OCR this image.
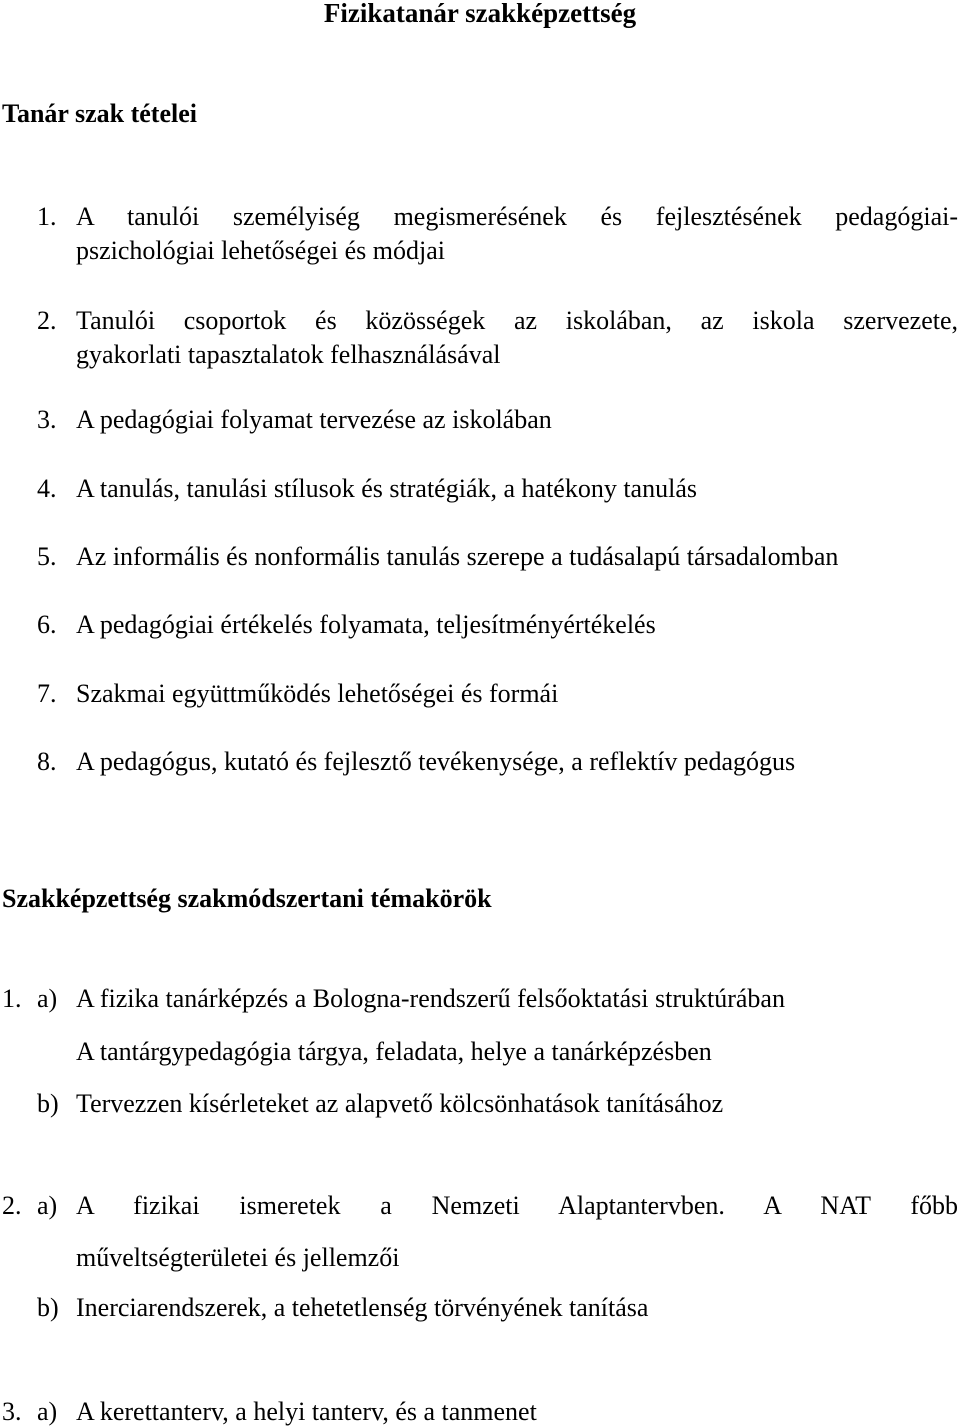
Fizikatanár szakképzettség
Tanár szak tételei
1. A tanulói személyiség megismerésének és fejlesztésének pedagógiai-
pszichológiai lehetőségei és módjai
2. Tanulói csoportok és közösségek az iskolában, az iskola szervezete,
gyakorlati tapasztalatok felhasználásával
3. A pedagógiai folyamat tervezése az iskolában
4. A tanulás, tanulási stílusok és stratégiák, a hatékony tanulás
5. Az informális és nonformális tanulás szerepe a tudásalapú társadalomban
6. A pedagógiai értékelés folyamata, teljesítményértékelés
7. Szakmai együttműködés lehetőségei és formái
8. A pedagógus, kutató és fejlesztő tevékenysége, a reflektív pedagógus
Szakképzettség szakmódszertani témakörök
1. a) A fizika tanárképzés a Bologna-rendszerű felsőoktatási struktúrában
A tantárgypedagógia tárgya, feladata, helye a tanárképzésben
b) Tervezzen kísérleteket az alapvető kölcsönhatások tanításához
2. a) A fizikai ismeretek a Nemzeti Alaptantervben. A NAT főbb
műveltségterületei és jellemzői
b) Inerciarendszerek, a tehetetlenség törvényének tanítása
3. a) A kerettanterv, a helyi tanterv, és a tanmenet
